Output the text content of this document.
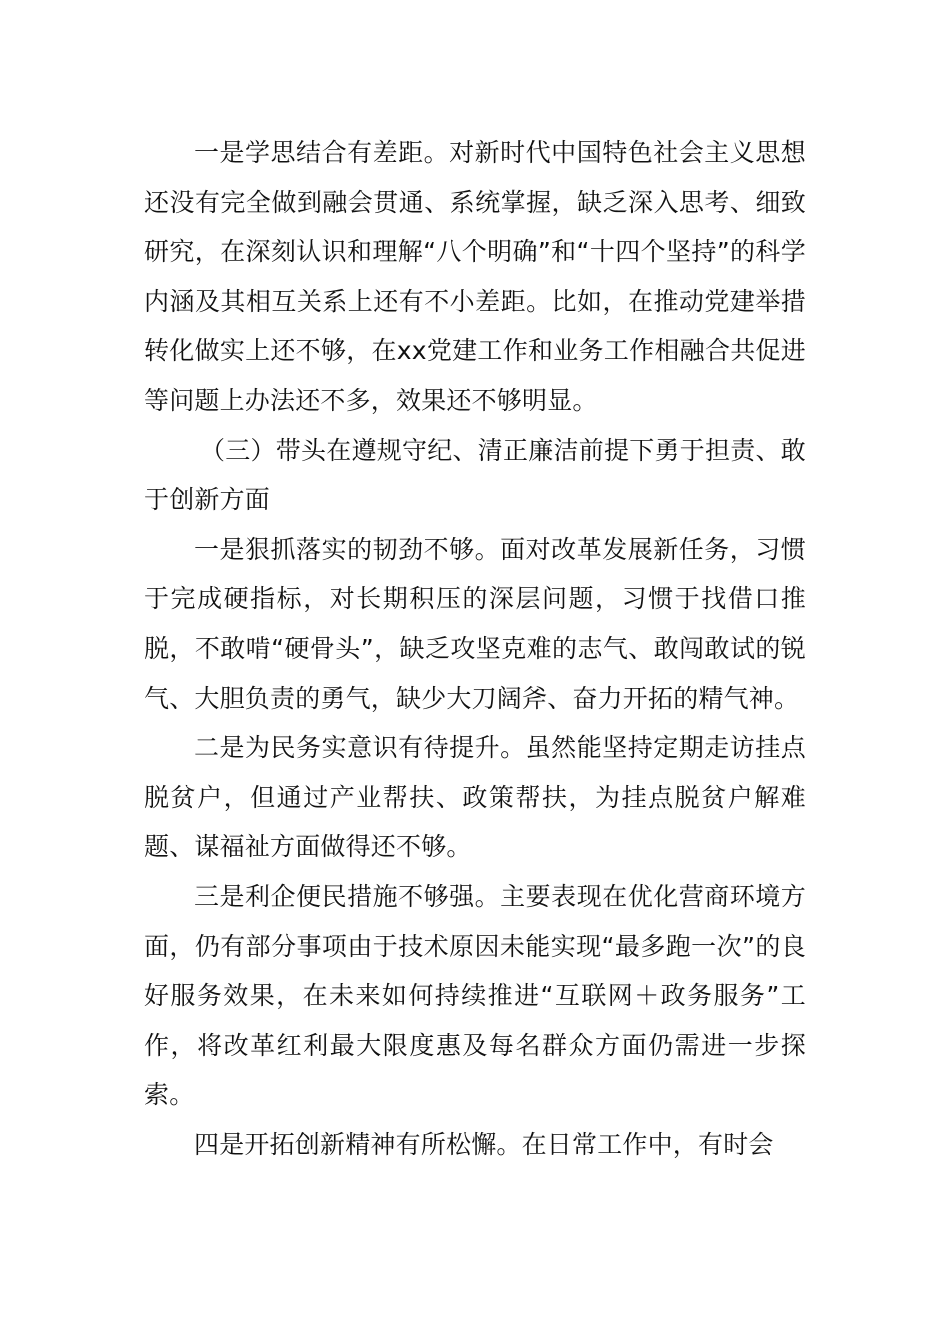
一是学思结合有差距。对新时代中国特色社会主义思想还没有完全做到融会贯通、系统掌握，缺乏深入思考、细致研究，在深刻认识和理解“八个明确”和“十四个坚持”的科学内涵及其相互关系上还有不小差距。比如，在推动党建举措转化做实上还不够，在xx党建工作和业务工作相融合共促进等问题上办法还不多，效果还不够明显。

（三）带头在遵规守纪、清正廉洁前提下勇于担责、敢于创新方面

一是狠抓落实的韧劲不够。面对改革发展新任务，习惯于完成硬指标，对长期积压的深层问题，习惯于找借口推脱，不敢啃“硬骨头”，缺乏攻坚克难的志气、敢闯敢试的锐气、大胆负责的勇气，缺少大刀阔斧、奋力开拓的精气神。

二是为民务实意识有待提升。虽然能坚持定期走访挂点脱贫户，但通过产业帮扶、政策帮扶，为挂点脱贫户解难题、谋福祉方面做得还不够。

三是利企便民措施不够强。主要表现在优化营商环境方面，仍有部分事项由于技术原因未能实现“最多跑一次”的良好服务效果，在未来如何持续推进“互联网＋政务服务”工作，将改革红利最大限度惠及每名群众方面仍需进一步探索。

四是开拓创新精神有所松懈。在日常工作中，有时会
